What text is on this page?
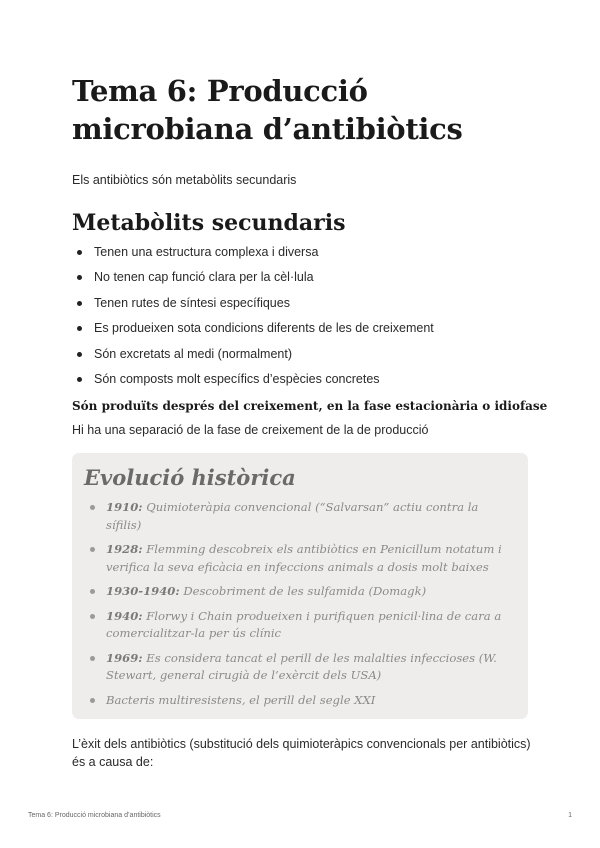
Tema 6: Producció microbiana d’antibiòtics

Els antibiòtics són metabòlits secundaris

Metabòlits secundaris
Tenen una estructura complexa i diversa
No tenen cap funció clara per la cèl·lula
Tenen rutes de síntesi específiques
Es produeixen sota condicions diferents de les de creixement
Són excretats al medi (normalment)
Són composts molt específics d’espècies concretes

Són produïts després del creixement, en la fase estacionària o idiofase

Hi ha una separació de la fase de creixement de la de producció

Evolució històrica
1910: Quimioteràpia convencional (“Salvarsan” actiu contra la sífilis)
1928: Flemming descobreix els antibiòtics en Penicillum notatum i verifica la seva eficàcia en infeccions animals a dosis molt baixes
1930-1940: Descobriment de les sulfamida (Domagk)
1940: Florwy i Chain produeixen i purifiquen penicil·lina de cara a comercialitzar-la per ús clínic
1969: Es considera tancat el perill de les malalties infeccioses (W. Stewart, general cirugià de l’exèrcit dels USA)
Bacteris multiresistens, el perill del segle XXI

L’èxit dels antibiòtics (substitució dels quimioteràpics convencionals per antibiòtics) és a causa de:

Tema 6: Producció microbiana d’antibiòtics	1
